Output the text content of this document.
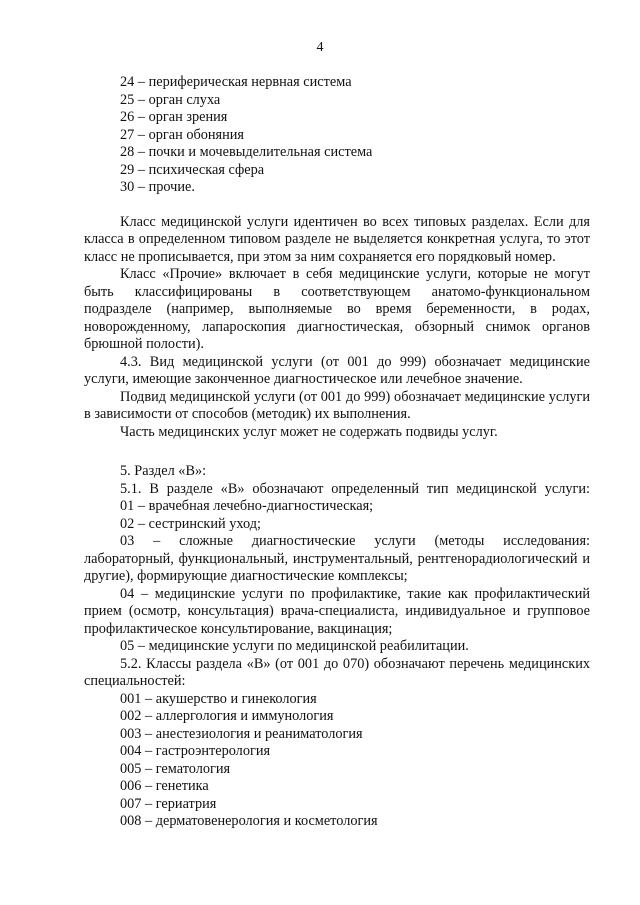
4
24 – периферическая нервная система
25 – орган слуха
26 – орган зрения
27 – орган обоняния
28 – почки и мочевыделительная система
29 – психическая сфера
30 – прочие.
Класс медицинской услуги идентичен во всех типовых разделах. Если для класса в определенном типовом разделе не выделяется конкретная услуга, то этот класс не прописывается, при этом за ним сохраняется его порядковый номер.
Класс «Прочие» включает в себя медицинские услуги, которые не могут быть классифицированы в соответствующем анатомо-функциональном подразделе (например, выполняемые во время беременности, в родах, новорожденному, лапароскопия диагностическая, обзорный снимок органов брюшной полости).
4.3. Вид медицинской услуги (от 001 до 999) обозначает медицинские услуги, имеющие законченное диагностическое или лечебное значение.
Подвид медицинской услуги (от 001 до 999) обозначает медицинские услуги в зависимости от способов (методик) их выполнения.
Часть медицинских услуг может не содержать подвиды услуг.
5. Раздел «В»:
5.1. В разделе «В» обозначают определенный тип медицинской услуги:
01 – врачебная лечебно-диагностическая;
02 – сестринский уход;
03 – сложные диагностические услуги (методы исследования: лабораторный, функциональный, инструментальный, рентгенорадиологический и другие), формирующие диагностические комплексы;
04 – медицинские услуги по профилактике, такие как профилактический прием (осмотр, консультация) врача-специалиста, индивидуальное и групповое профилактическое консультирование, вакцинация;
05 – медицинские услуги по медицинской реабилитации.
5.2. Классы раздела «В» (от 001 до 070) обозначают перечень медицинских специальностей:
001 – акушерство и гинекология
002 – аллергология и иммунология
003 – анестезиология и реаниматология
004 – гастроэнтерология
005 – гематология
006 – генетика
007 – гериатрия
008 – дерматовенерология и косметология
